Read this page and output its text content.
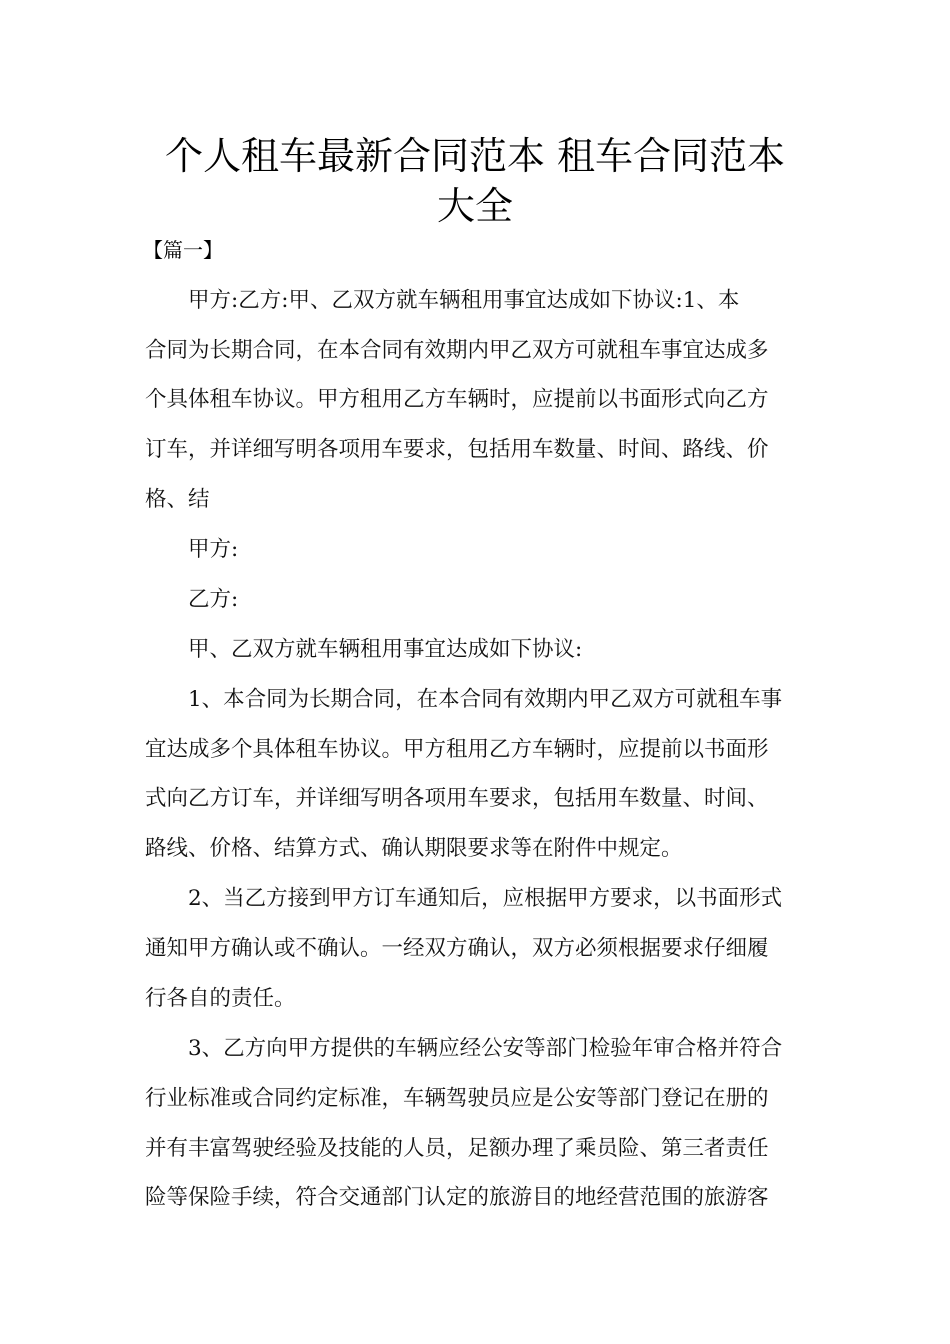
个人租车最新合同范本 租车合同范本
大全
【篇一】
　　甲方:乙方:甲、乙双方就车辆租用事宜达成如下协议:1、本
合同为长期合同，在本合同有效期内甲乙双方可就租车事宜达成多
个具体租车协议。甲方租用乙方车辆时，应提前以书面形式向乙方
订车，并详细写明各项用车要求，包括用车数量、时间、路线、价
格、结
　　甲方:
　　乙方:
　　甲、乙双方就车辆租用事宜达成如下协议:
　　1、本合同为长期合同，在本合同有效期内甲乙双方可就租车事
宜达成多个具体租车协议。甲方租用乙方车辆时，应提前以书面形
式向乙方订车，并详细写明各项用车要求，包括用车数量、时间、
路线、价格、结算方式、确认期限要求等在附件中规定。
　　2、当乙方接到甲方订车通知后，应根据甲方要求，以书面形式
通知甲方确认或不确认。一经双方确认，双方必须根据要求仔细履
行各自的责任。
　　3、乙方向甲方提供的车辆应经公安等部门检验年审合格并符合
行业标准或合同约定标准，车辆驾驶员应是公安等部门登记在册的
并有丰富驾驶经验及技能的人员，足额办理了乘员险、第三者责任
险等保险手续，符合交通部门认定的旅游目的地经营范围的旅游客
